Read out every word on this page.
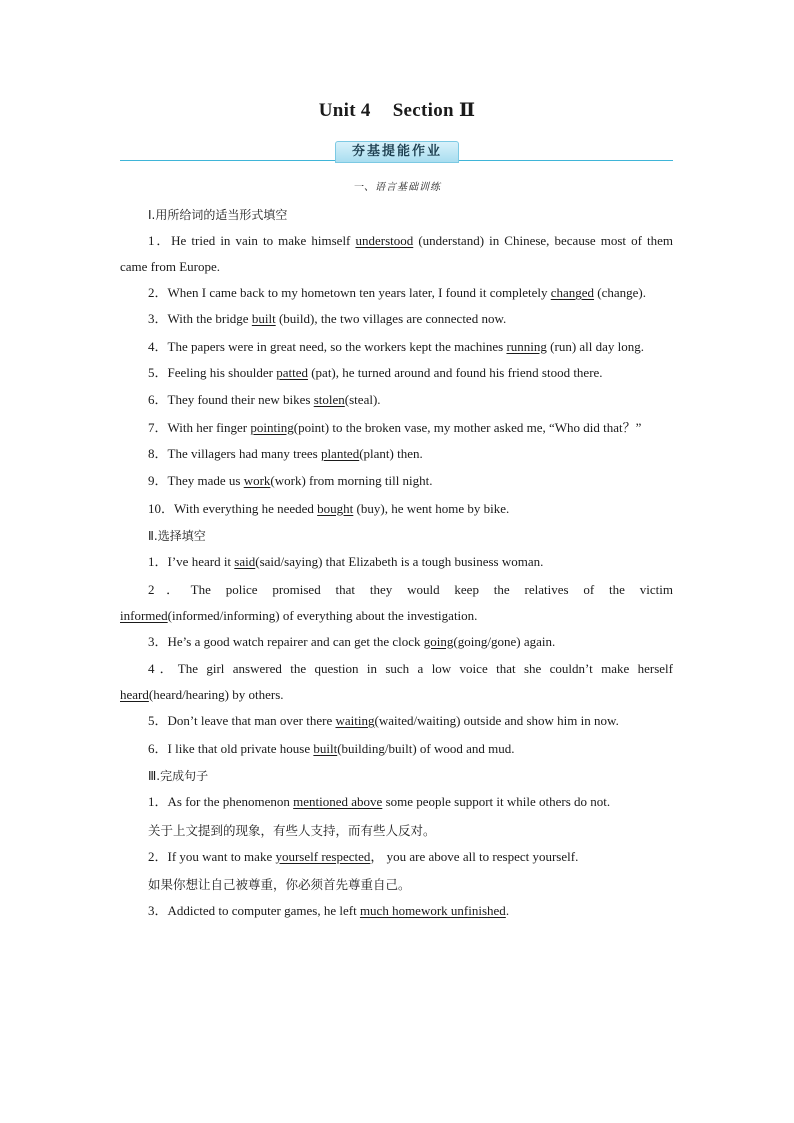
Unit 4 Section Ⅱ
夯基提能作业
一、语言基础训练
Ⅰ.用所给词的适当形式填空

1．He tried in vain to make himself understood (understand) in Chinese, because most of them came from Europe.

2．When I came back to my hometown ten years later, I found it completely changed (change).

3．With the bridge built (build), the two villages are connected now.

4．The papers were in great need, so the workers kept the machines running (run) all day long.

5．Feeling his shoulder patted (pat), he turned around and found his friend stood there.

6．They found their new bikes stolen(steal).

7．With her finger pointing(point) to the broken vase, my mother asked me, “Who did that？”

8．The villagers had many trees planted(plant) then.

9．They made us work(work) from morning till night.

10．With everything he needed bought (buy), he went home by bike.

Ⅱ.选择填空

1．I’ve heard it said(said/saying) that Elizabeth is a tough business woman.

2．The police promised that they would keep the relatives of the victim informed(informed/informing) of everything about the investigation.

3．He’s a good watch repairer and can get the clock going(going/gone) again.

4．The girl answered the question in such a low voice that she couldn’t make herself heard(heard/hearing) by others.

5．Don’t leave that man over there waiting(waited/waiting) outside and show him in now.

6．I like that old private house built(building/built) of wood and mud.

Ⅲ.完成句子

1．As for the phenomenon mentioned above some people support it while others do not.

关于上文提到的现象，有些人支持，而有些人反对。

2．If you want to make yourself respected， you are above all to respect yourself.

如果你想让自己被尊重，你必须首先尊重自己。

3．Addicted to computer games, he left much homework unfinished.
